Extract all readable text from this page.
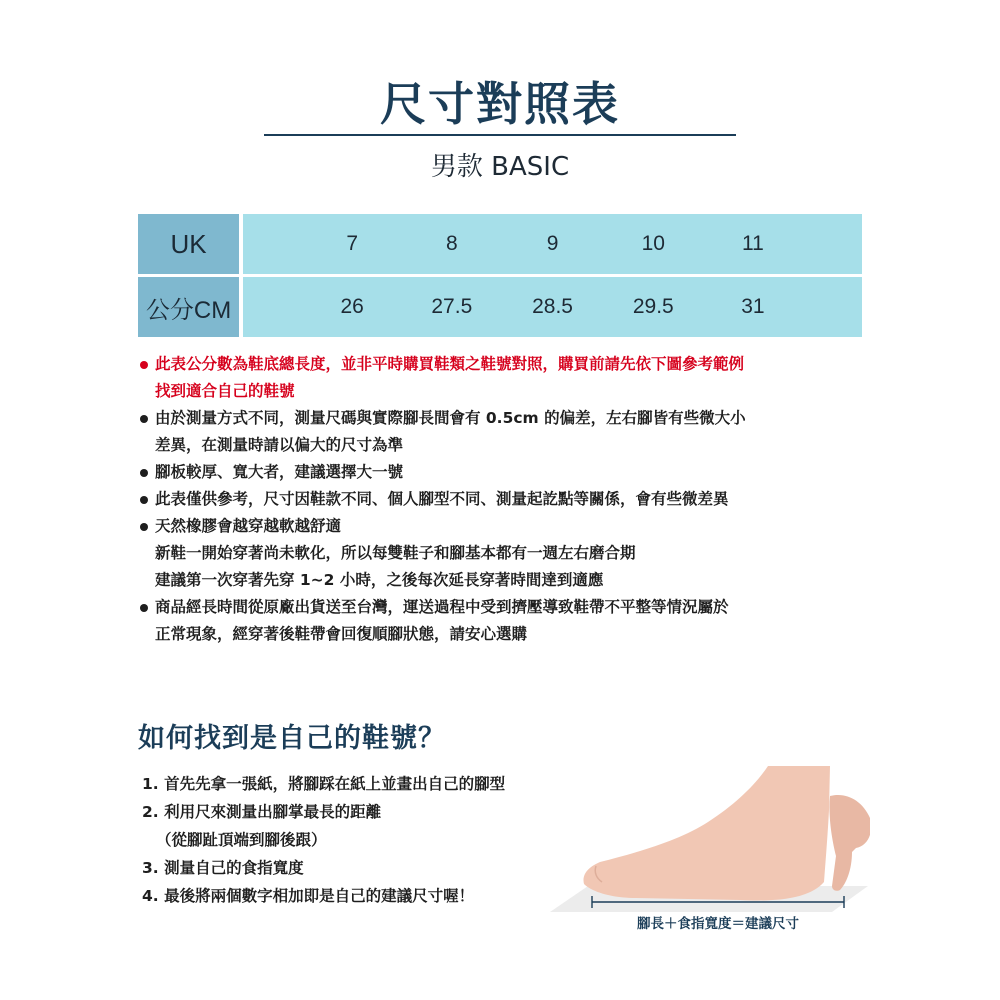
尺寸對照表
男款 BASIC
UK		7	8	9	10	11	
公分CM		26	27.5	28.5	29.5	31	
此表公分數為鞋底總長度，並非平時購買鞋類之鞋號對照，購買前請先依下圖參考範例
找到適合自己的鞋號
由於測量方式不同，測量尺碼與實際腳長間會有 0.5cm 的偏差，左右腳皆有些微大小
差異，在測量時請以偏大的尺寸為準
腳板較厚、寬大者，建議選擇大一號
此表僅供參考，尺寸因鞋款不同、個人腳型不同、測量起訖點等關係，會有些微差異
天然橡膠會越穿越軟越舒適
新鞋一開始穿著尚未軟化，所以每雙鞋子和腳基本都有一週左右磨合期
建議第一次穿著先穿 1~2 小時，之後每次延長穿著時間達到適應
商品經長時間從原廠出貨送至台灣，運送過程中受到擠壓導致鞋帶不平整等情況屬於
正常現象，經穿著後鞋帶會回復順腳狀態，請安心選購
如何找到是自己的鞋號？
1. 首先先拿一張紙，將腳踩在紙上並畫出自己的腳型
2. 利用尺來測量出腳掌最長的距離
（從腳趾頂端到腳後跟）
3. 測量自己的食指寬度
4. 最後將兩個數字相加即是自己的建議尺寸喔！
腳長＋食指寬度＝建議尺寸
